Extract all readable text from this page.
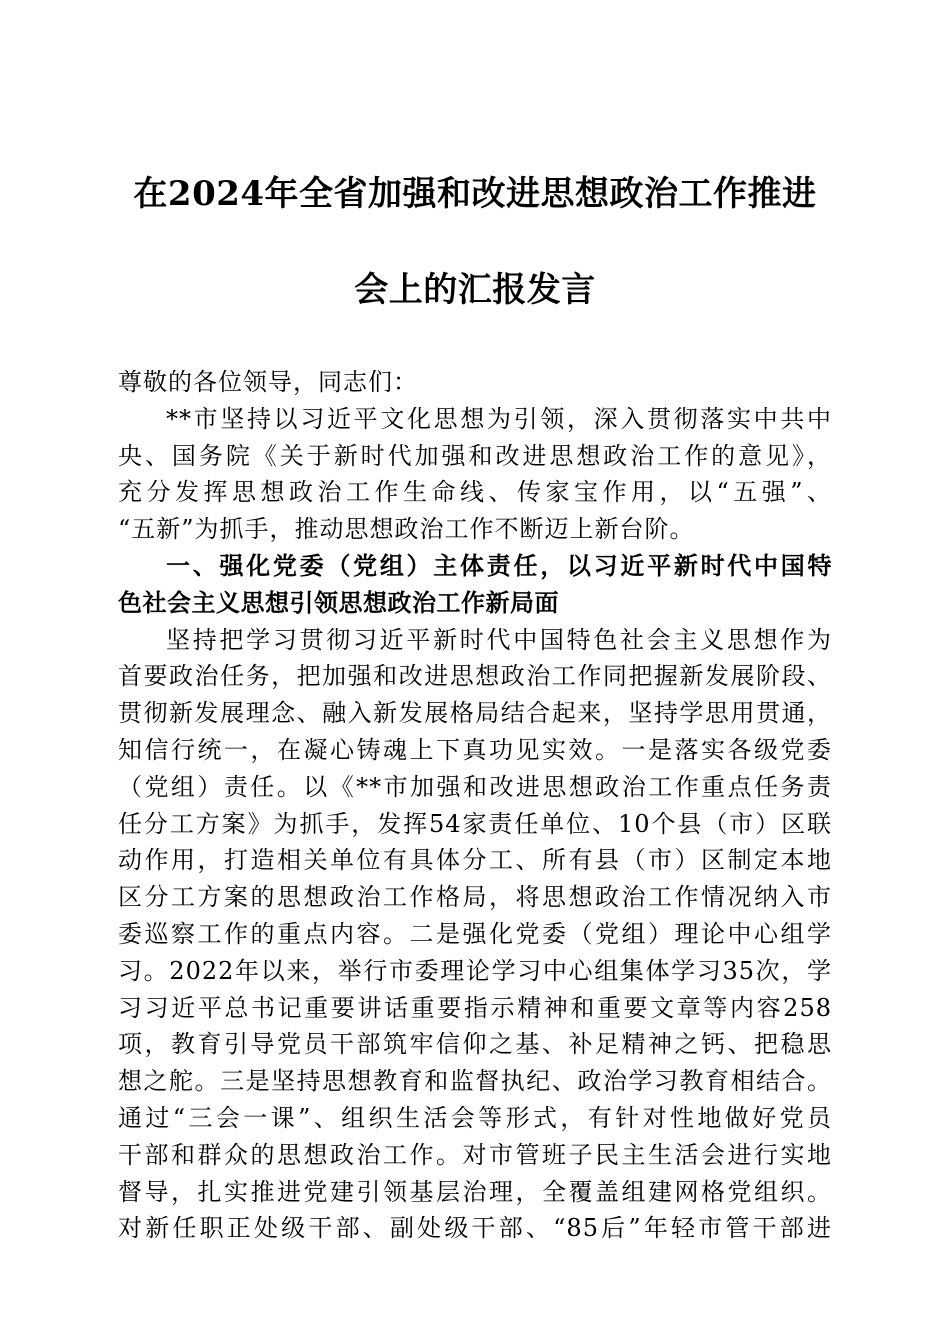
在2024年全省加强和改进思想政治工作推进
会上的汇报发言
尊敬的各位领导，同志们：
**市坚持以习近平文化思想为引领，深入贯彻落实中共中
央、国务院《关于新时代加强和改进思想政治工作的意见》，
充分发挥思想政治工作生命线、传家宝作用，以“五强”、
“五新”为抓手，推动思想政治工作不断迈上新台阶。
一、强化党委（党组）主体责任，以习近平新时代中国特
色社会主义思想引领思想政治工作新局面
坚持把学习贯彻习近平新时代中国特色社会主义思想作为
首要政治任务，把加强和改进思想政治工作同把握新发展阶段、
贯彻新发展理念、融入新发展格局结合起来，坚持学思用贯通，
知信行统一，在凝心铸魂上下真功见实效。一是落实各级党委
（党组）责任。以《**市加强和改进思想政治工作重点任务责
任分工方案》为抓手，发挥54家责任单位、10个县（市）区联
动作用，打造相关单位有具体分工、所有县（市）区制定本地
区分工方案的思想政治工作格局，将思想政治工作情况纳入市
委巡察工作的重点内容。二是强化党委（党组）理论中心组学
习。2022年以来，举行市委理论学习中心组集体学习35次，学
习习近平总书记重要讲话重要指示精神和重要文章等内容258
项，教育引导党员干部筑牢信仰之基、补足精神之钙、把稳思
想之舵。三是坚持思想教育和监督执纪、政治学习教育相结合。
通过“三会一课”、组织生活会等形式，有针对性地做好党员
干部和群众的思想政治工作。对市管班子民主生活会进行实地
督导，扎实推进党建引领基层治理，全覆盖组建网格党组织。
对新任职正处级干部、副处级干部、“85后”年轻市管干部进
